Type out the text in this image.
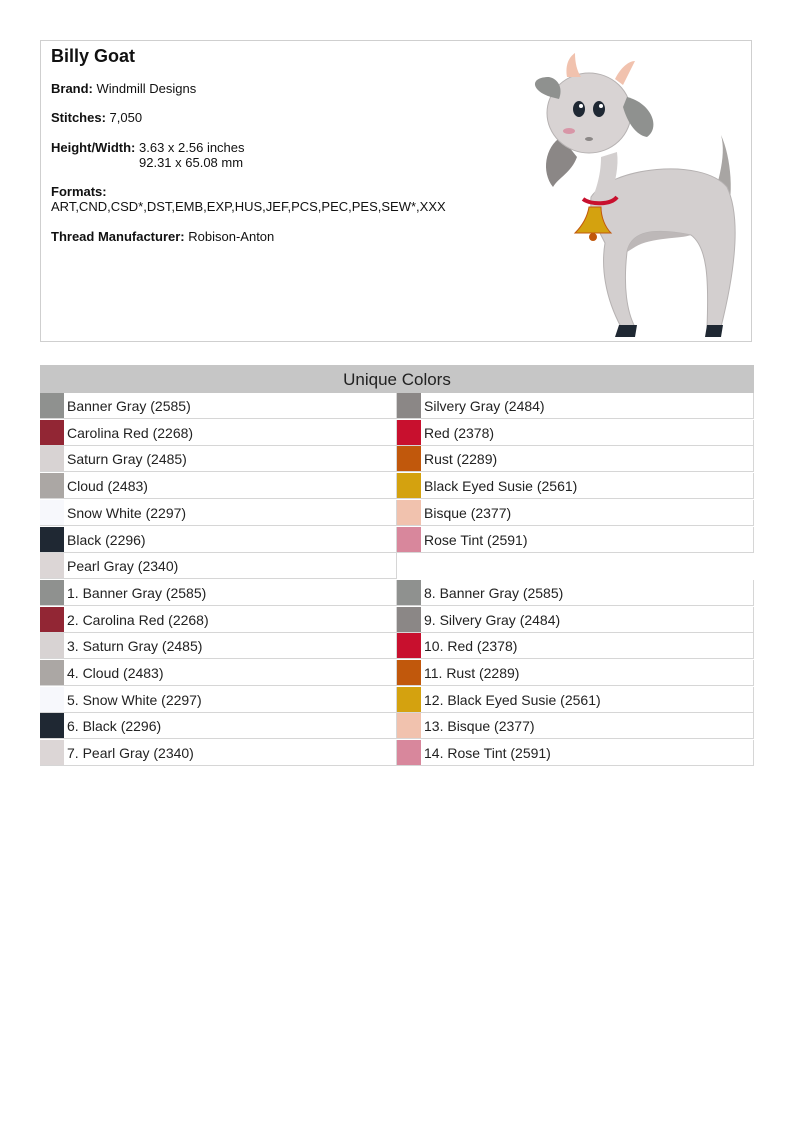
Billy Goat
Brand: Windmill Designs
Stitches: 7,050
Height/Width: 3.63 x 2.56 inches
92.31 x 65.08 mm
Formats:
ART,CND,CSD*,DST,EMB,EXP,HUS,JEF,PCS,PEC,PES,SEW*,XXX
Thread Manufacturer: Robison-Anton
Unique Colors
Banner Gray (2585)
Carolina Red (2268)
Saturn Gray (2485)
Cloud (2483)
Snow White (2297)
Black (2296)
Pearl Gray (2340)
Silvery Gray (2484)
Red (2378)
Rust (2289)
Black Eyed Susie (2561)
Bisque (2377)
Rose Tint (2591)
1. Banner Gray (2585)
2. Carolina Red (2268)
3. Saturn Gray (2485)
4. Cloud (2483)
5. Snow White (2297)
6. Black (2296)
7. Pearl Gray (2340)
8. Banner Gray (2585)
9. Silvery Gray (2484)
10. Red (2378)
11. Rust (2289)
12. Black Eyed Susie (2561)
13. Bisque (2377)
14. Rose Tint (2591)
